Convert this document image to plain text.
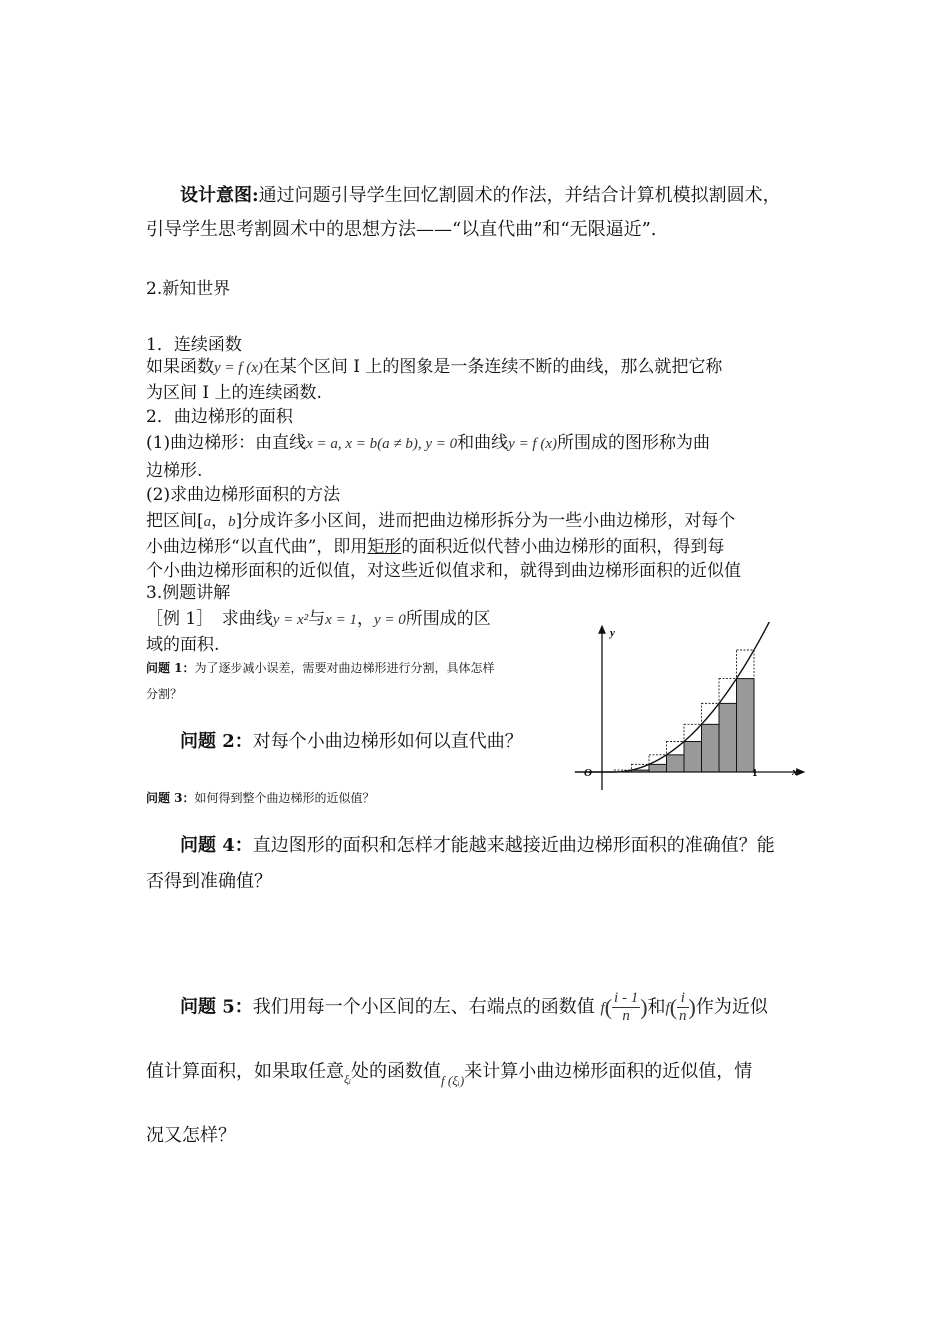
设计意图:通过问题引导学生回忆割圆术的作法，并结合计算机模拟割圆术，

引导学生思考割圆术中的思想方法——“以直代曲”和“无限逼近”.

2.新知世界

1．连续函数

如果函数y = f (x)在某个区间 I 上的图象是一条连续不断的曲线，那么就把它称

为区间 I 上的连续函数.

2．曲边梯形的面积

(1)曲边梯形：由直线x = a, x = b(a ≠ b), y = 0和曲线y = f (x)所围成的图形称为曲

边梯形.

(2)求曲边梯形面积的方法

把区间[a，b]分成许多小区间，进而把曲边梯形拆分为一些小曲边梯形，对每个

小曲边梯形“以直代曲”，即用矩形的面积近似代替小曲边梯形的面积，得到每

个小曲边梯形面积的近似值，对这些近似值求和，就得到曲边梯形面积的近似值

3.例题讲解

［例 1］　求曲线y = x²与x = 1，y = 0所围成的区

域的面积.

问题 1：为了逐步减小误差，需要对曲边梯形进行分割，具体怎样

分割？

问题 2：对每个小曲边梯形如何以直代曲？

问题 3：如何得到整个曲边梯形的近似值？

问题 4：直边图形的面积和怎样才能越来越接近曲边梯形面积的准确值？能

否得到准确值？

问题 5：我们用每一个小区间的左、右端点的函数值 $f( \frac{i - 1}{n}$ )和$f( \frac{i}{n}$ )作为近似

值计算面积，如果取任意$_{\xi ᵢ}$处的函数值$_{f (\xi ᵢ)}$来计算小曲边梯形面积的近似值，情

况又怎样？

y
x
O	1
